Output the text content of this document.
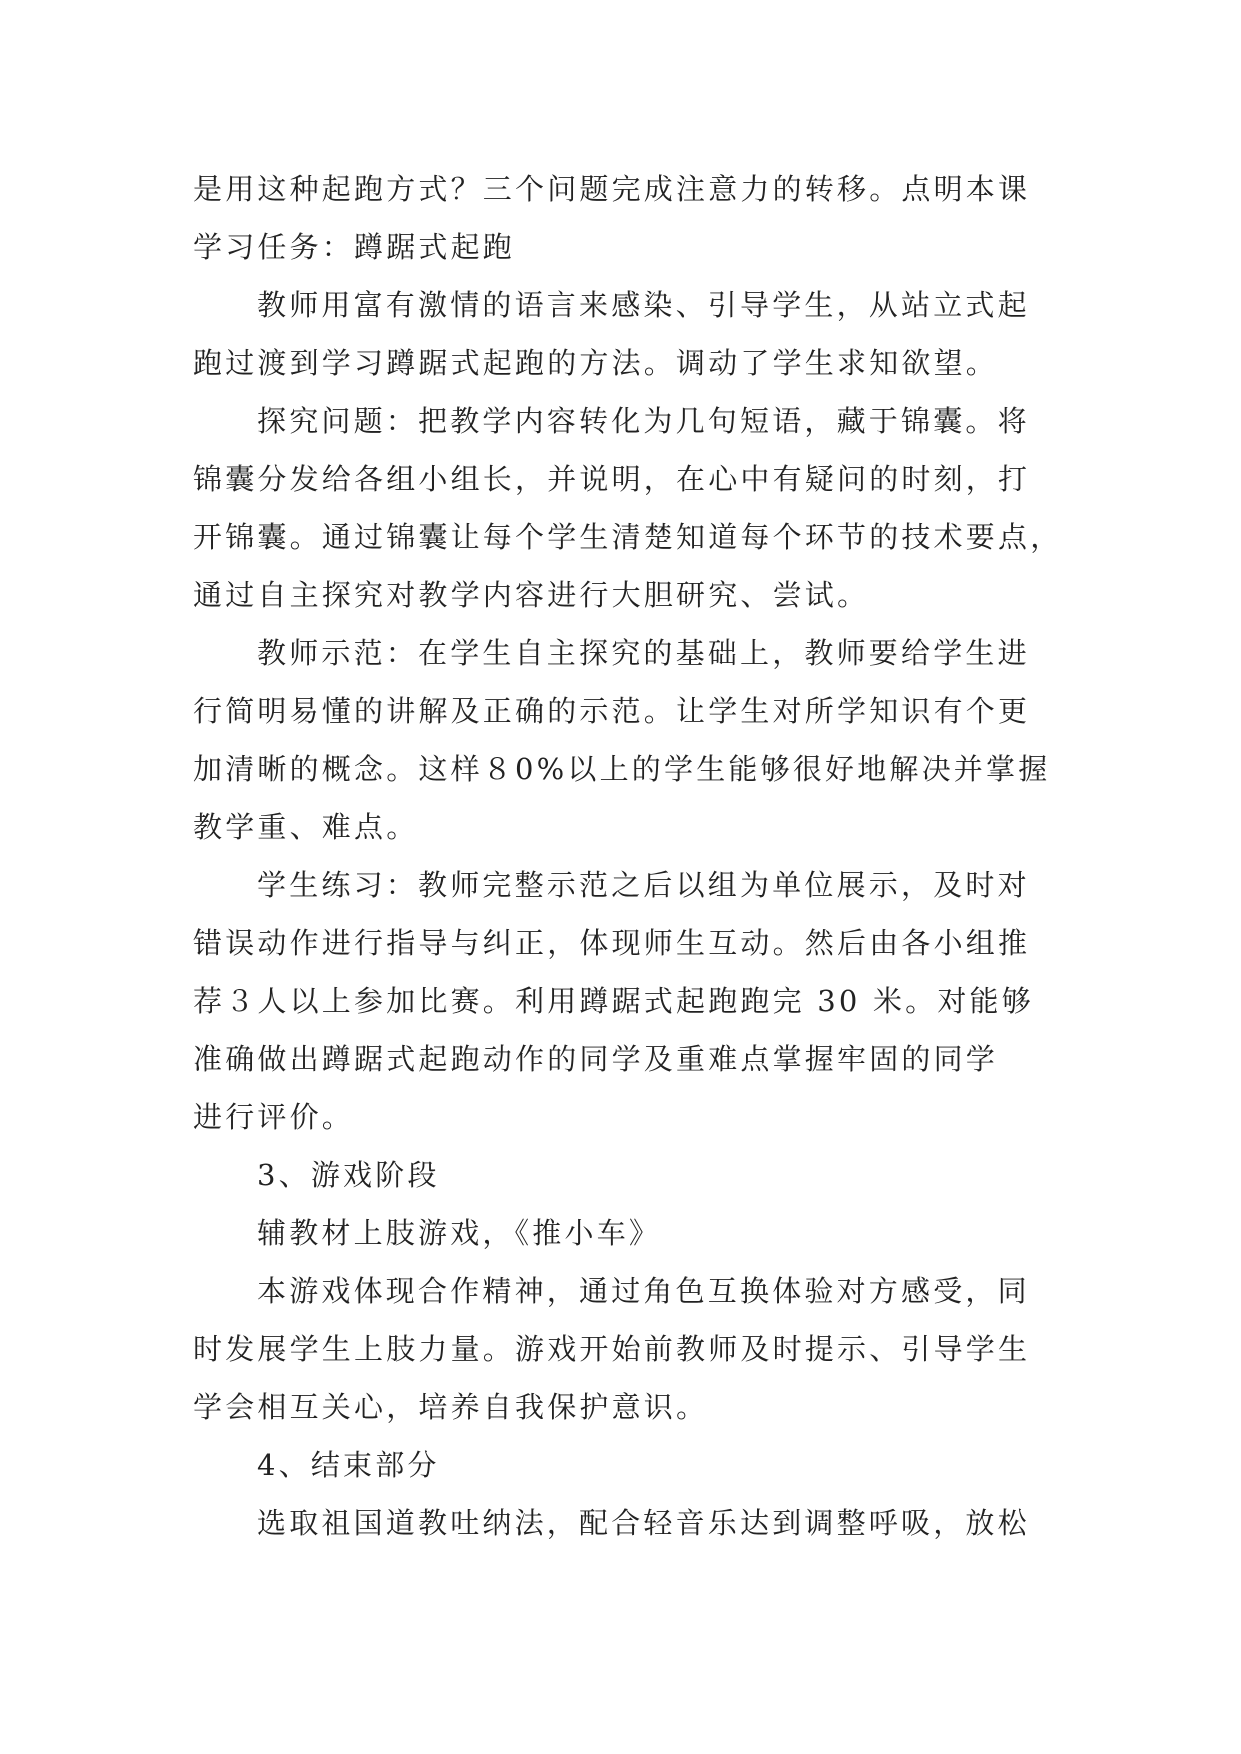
是用这种起跑方式？三个问题完成注意力的转移。点明本课
学习任务：蹲踞式起跑
教师用富有激情的语言来感染、引导学生，从站立式起
跑过渡到学习蹲踞式起跑的方法。调动了学生求知欲望。
探究问题：把教学内容转化为几句短语，藏于锦囊。将
锦囊分发给各组小组长，并说明，在心中有疑问的时刻，打
开锦囊。通过锦囊让每个学生清楚知道每个环节的技术要点，
通过自主探究对教学内容进行大胆研究、尝试。
教师示范：在学生自主探究的基础上，教师要给学生进
行简明易懂的讲解及正确的示范。让学生对所学知识有个更
加清晰的概念。这样８0%以上的学生能够很好地解决并掌握
教学重、难点。
学生练习：教师完整示范之后以组为单位展示，及时对
错误动作进行指导与纠正，体现师生互动。然后由各小组推
荐３人以上参加比赛。利用蹲踞式起跑跑完 30 米。对能够
准确做出蹲踞式起跑动作的同学及重难点掌握牢固的同学
进行评价。
3、游戏阶段
辅教材上肢游戏，《推小车》
本游戏体现合作精神，通过角色互换体验对方感受，同
时发展学生上肢力量。游戏开始前教师及时提示、引导学生
学会相互关心，培养自我保护意识。
4、结束部分
选取祖国道教吐纳法，配合轻音乐达到调整呼吸，放松
